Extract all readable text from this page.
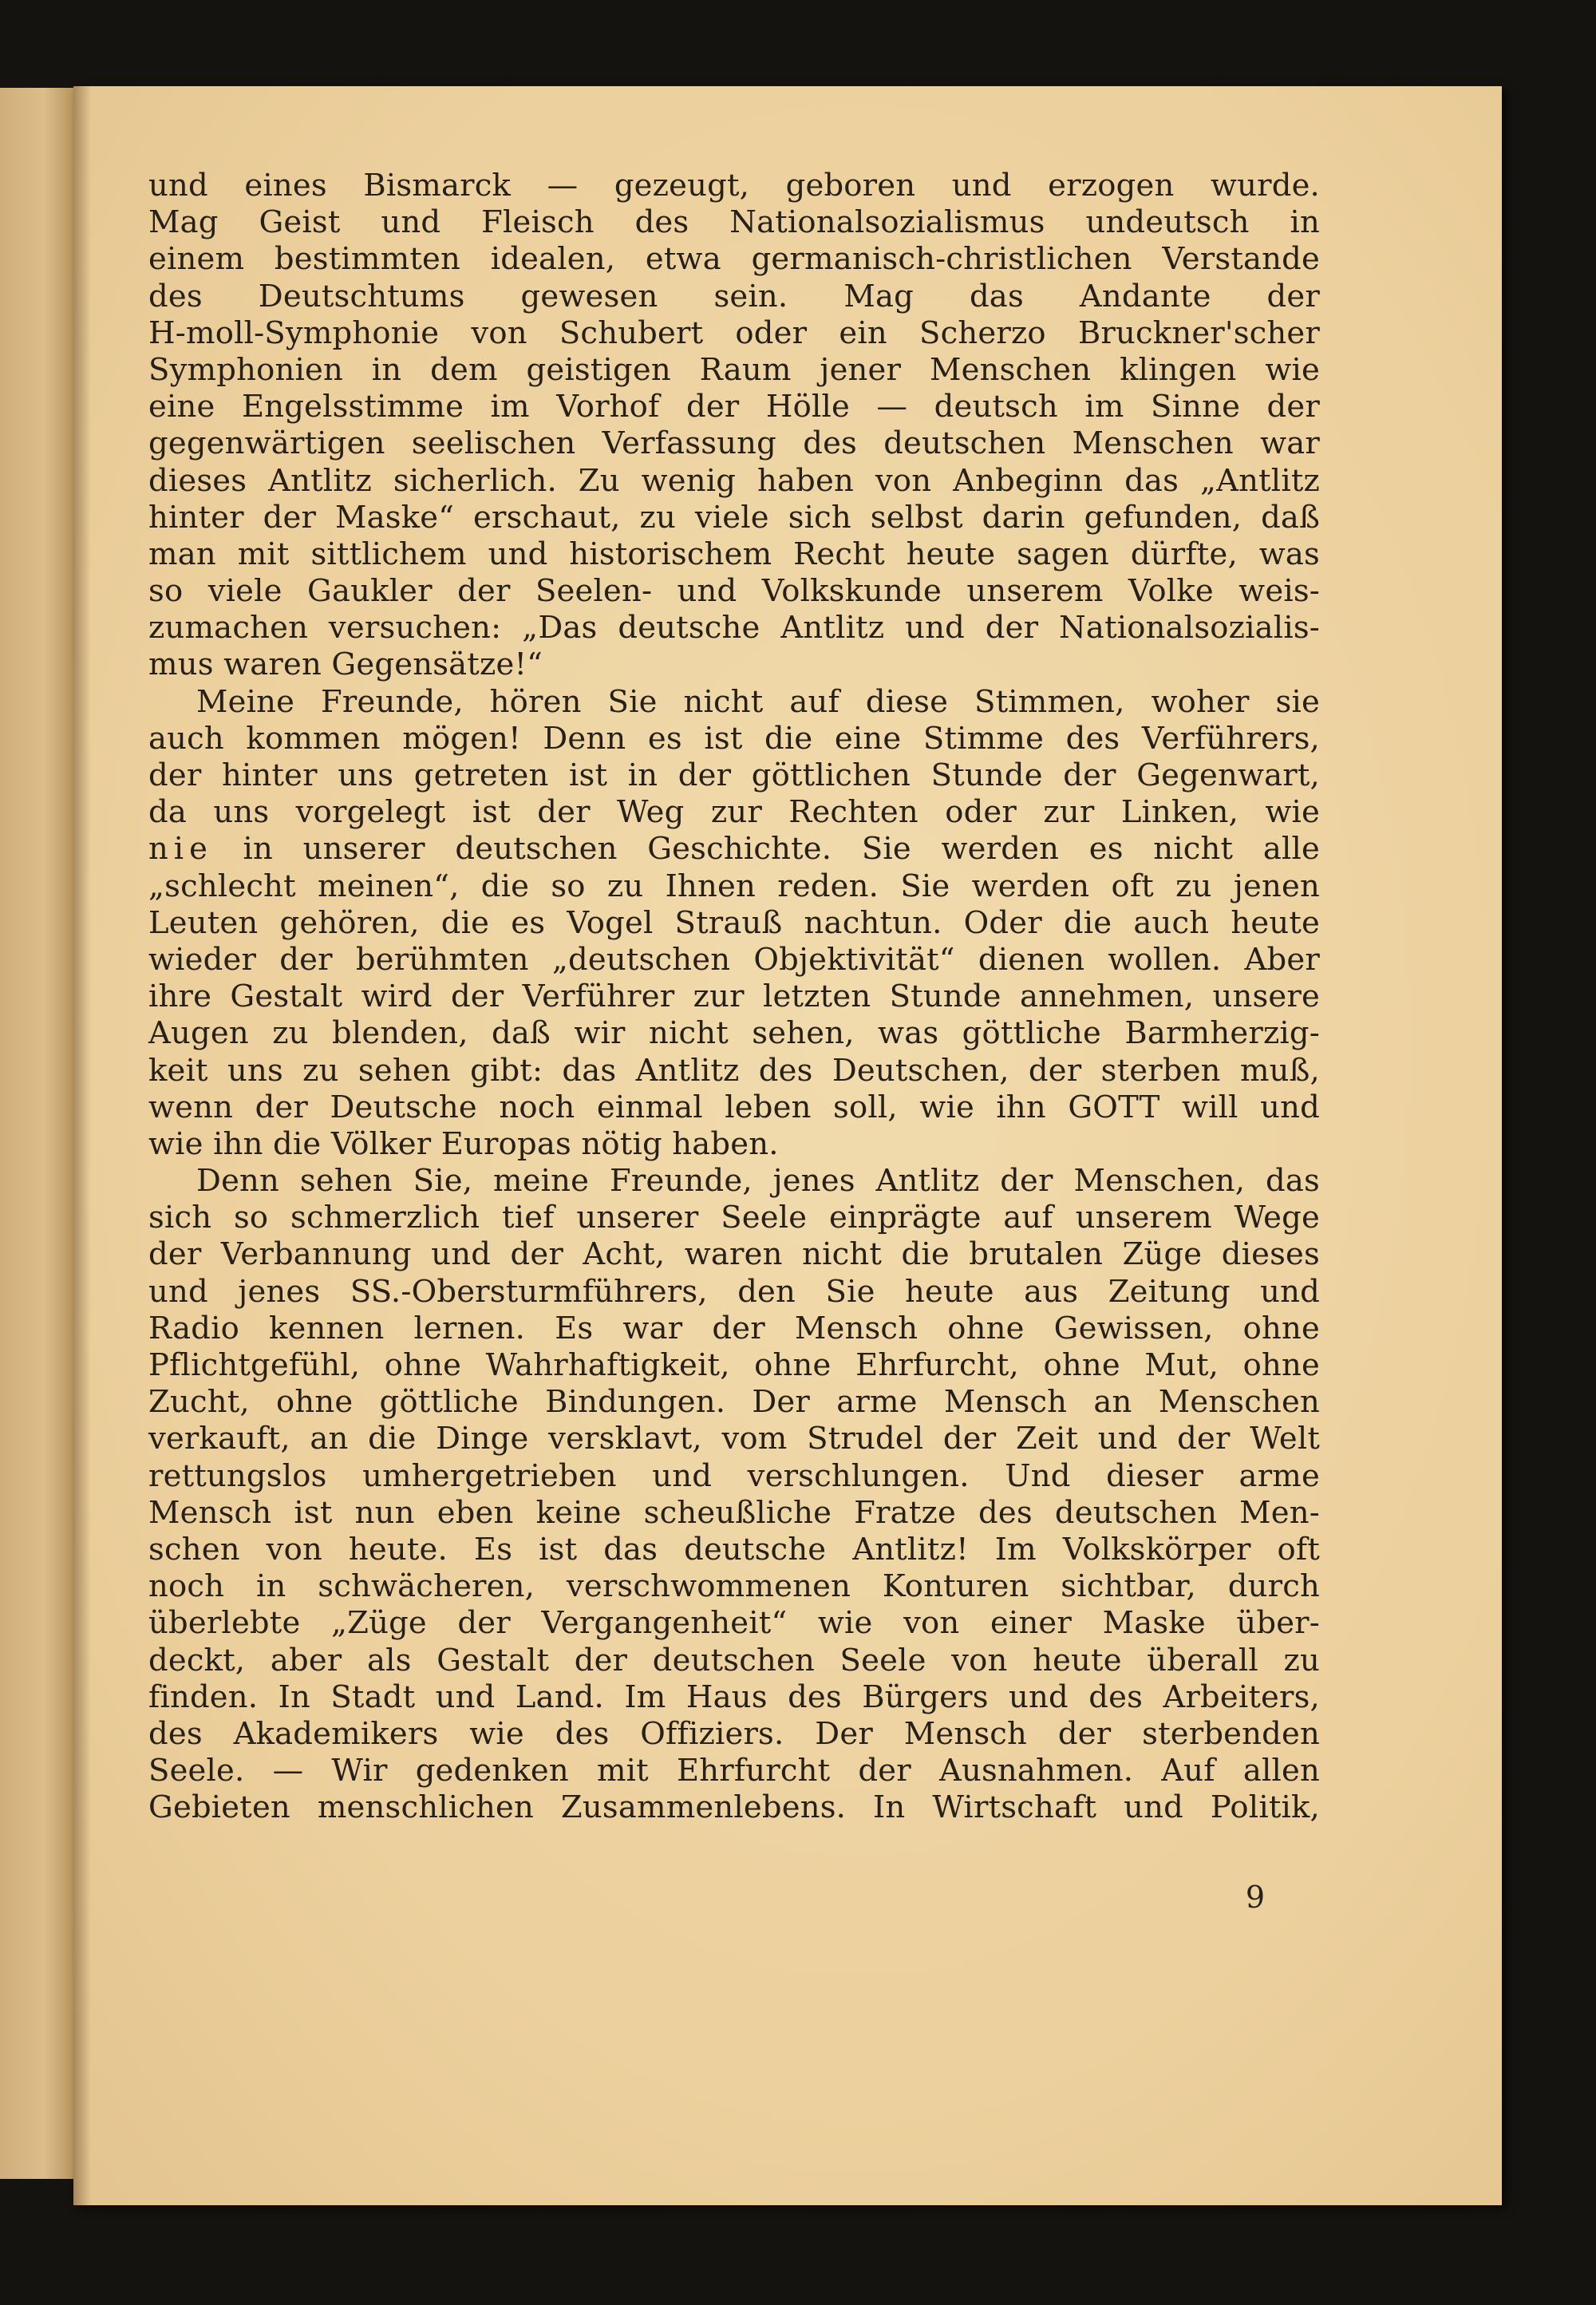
und eines Bismarck — gezeugt, geboren und erzogen wurde.
Mag Geist und Fleisch des Nationalsozialismus undeutsch in
einem bestimmten idealen, etwa germanisch-christlichen Verstande
des Deutschtums gewesen sein. Mag das Andante der
H-moll-Symphonie von Schubert oder ein Scherzo Bruckner'scher
Symphonien in dem geistigen Raum jener Menschen klingen wie
eine Engelsstimme im Vorhof der Hölle — deutsch im Sinne der
gegenwärtigen seelischen Verfassung des deutschen Menschen war
dieses Antlitz sicherlich. Zu wenig haben von Anbeginn das „Antlitz
hinter der Maske“ erschaut, zu viele sich selbst darin gefunden, daß
man mit sittlichem und historischem Recht heute sagen dürfte, was
so viele Gaukler der Seelen- und Volkskunde unserem Volke weis-
zumachen versuchen: „Das deutsche Antlitz und der Nationalsozialis-
mus waren Gegensätze!“
Meine Freunde, hören Sie nicht auf diese Stimmen, woher sie
auch kommen mögen! Denn es ist die eine Stimme des Verführers,
der hinter uns getreten ist in der göttlichen Stunde der Gegenwart,
da uns vorgelegt ist der Weg zur Rechten oder zur Linken, wie
nie in unserer deutschen Geschichte. Sie werden es nicht alle
„schlecht meinen“, die so zu Ihnen reden. Sie werden oft zu jenen
Leuten gehören, die es Vogel Strauß nachtun. Oder die auch heute
wieder der berühmten „deutschen Objektivität“ dienen wollen. Aber
ihre Gestalt wird der Verführer zur letzten Stunde annehmen, unsere
Augen zu blenden, daß wir nicht sehen, was göttliche Barmherzig-
keit uns zu sehen gibt: das Antlitz des Deutschen, der sterben muß,
wenn der Deutsche noch einmal leben soll, wie ihn GOTT will und
wie ihn die Völker Europas nötig haben.
Denn sehen Sie, meine Freunde, jenes Antlitz der Menschen, das
sich so schmerzlich tief unserer Seele einprägte auf unserem Wege
der Verbannung und der Acht, waren nicht die brutalen Züge dieses
und jenes SS.-Obersturmführers, den Sie heute aus Zeitung und
Radio kennen lernen. Es war der Mensch ohne Gewissen, ohne
Pflichtgefühl, ohne Wahrhaftigkeit, ohne Ehrfurcht, ohne Mut, ohne
Zucht, ohne göttliche Bindungen. Der arme Mensch an Menschen
verkauft, an die Dinge versklavt, vom Strudel der Zeit und der Welt
rettungslos umhergetrieben und verschlungen. Und dieser arme
Mensch ist nun eben keine scheußliche Fratze des deutschen Men-
schen von heute. Es ist das deutsche Antlitz! Im Volkskörper oft
noch in schwächeren, verschwommenen Konturen sichtbar, durch
überlebte „Züge der Vergangenheit“ wie von einer Maske über-
deckt, aber als Gestalt der deutschen Seele von heute überall zu
finden. In Stadt und Land. Im Haus des Bürgers und des Arbeiters,
des Akademikers wie des Offiziers. Der Mensch der sterbenden
Seele. — Wir gedenken mit Ehrfurcht der Ausnahmen. Auf allen
Gebieten menschlichen Zusammenlebens. In Wirtschaft und Politik,
9
